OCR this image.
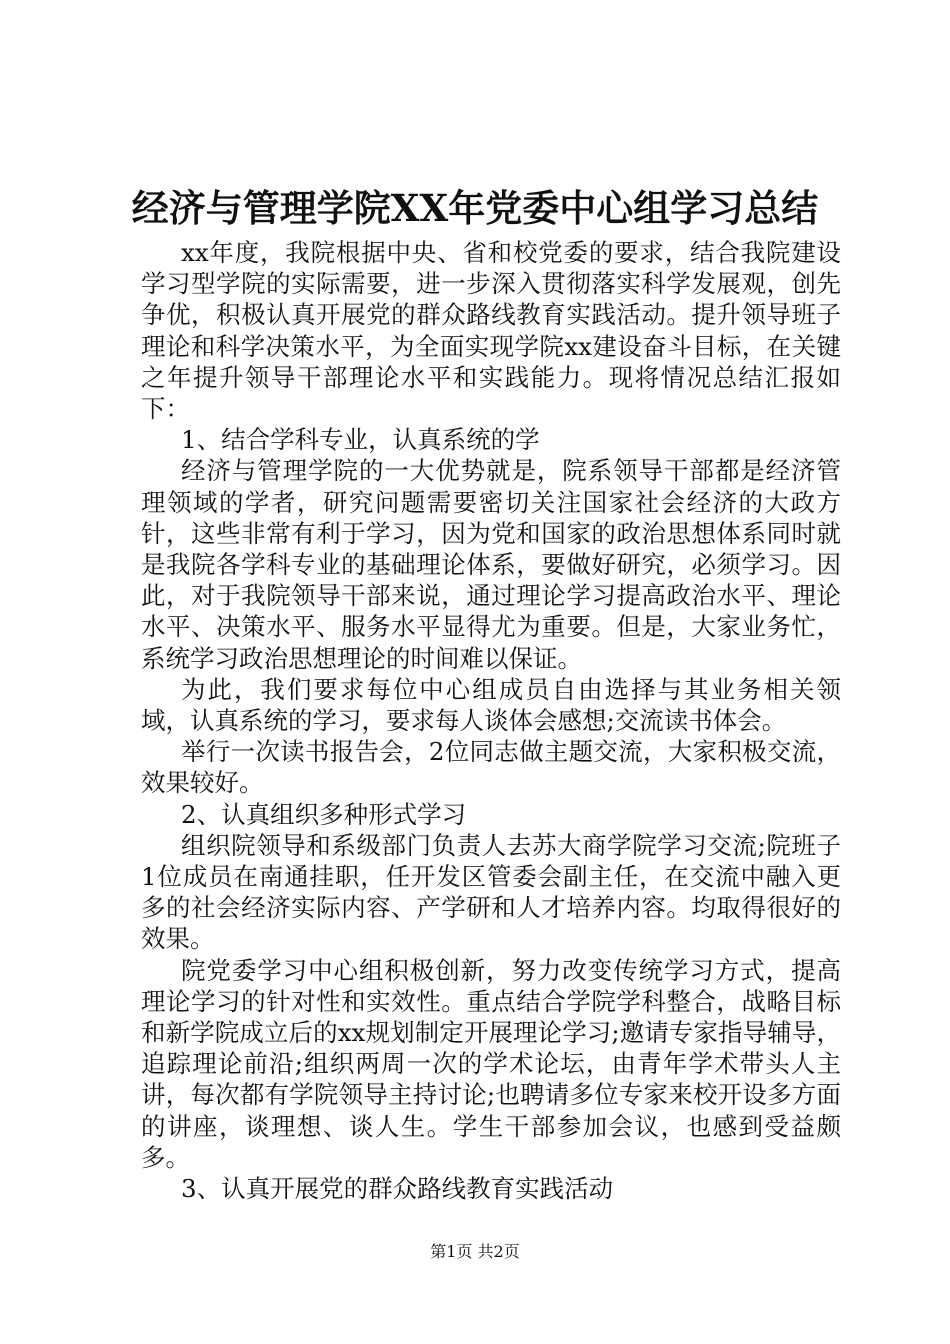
经济与管理学院XX年党委中心组学习总结

xx年度，我院根据中央、省和校党委的要求，结合我院建设学习型学院的实际需要，进一步深入贯彻落实科学发展观，创先争优，积极认真开展党的群众路线教育实践活动。提升领导班子理论和科学决策水平，为全面实现学院xx建设奋斗目标，在关键之年提升领导干部理论水平和实践能力。现将情况总结汇报如下：

1、结合学科专业，认真系统的学

经济与管理学院的一大优势就是，院系领导干部都是经济管理领域的学者，研究问题需要密切关注国家社会经济的大政方针，这些非常有利于学习，因为党和国家的政治思想体系同时就是我院各学科专业的基础理论体系，要做好研究，必须学习。因此，对于我院领导干部来说，通过理论学习提高政治水平、理论水平、决策水平、服务水平显得尤为重要。但是，大家业务忙，系统学习政治思想理论的时间难以保证。

为此，我们要求每位中心组成员自由选择与其业务相关领域，认真系统的学习，要求每人谈体会感想;交流读书体会。

举行一次读书报告会，2位同志做主题交流，大家积极交流，效果较好。

2、认真组织多种形式学习

组织院领导和系级部门负责人去苏大商学院学习交流;院班子1位成员在南通挂职，任开发区管委会副主任，在交流中融入更多的社会经济实际内容、产学研和人才培养内容。均取得很好的效果。

院党委学习中心组积极创新，努力改变传统学习方式，提高理论学习的针对性和实效性。重点结合学院学科整合，战略目标和新学院成立后的xx规划制定开展理论学习;邀请专家指导辅导，追踪理论前沿;组织两周一次的学术论坛，由青年学术带头人主讲，每次都有学院领导主持讨论;也聘请多位专家来校开设多方面的讲座，谈理想、谈人生。学生干部参加会议，也感到受益颇多。

3、认真开展党的群众路线教育实践活动

第1页 共2页
